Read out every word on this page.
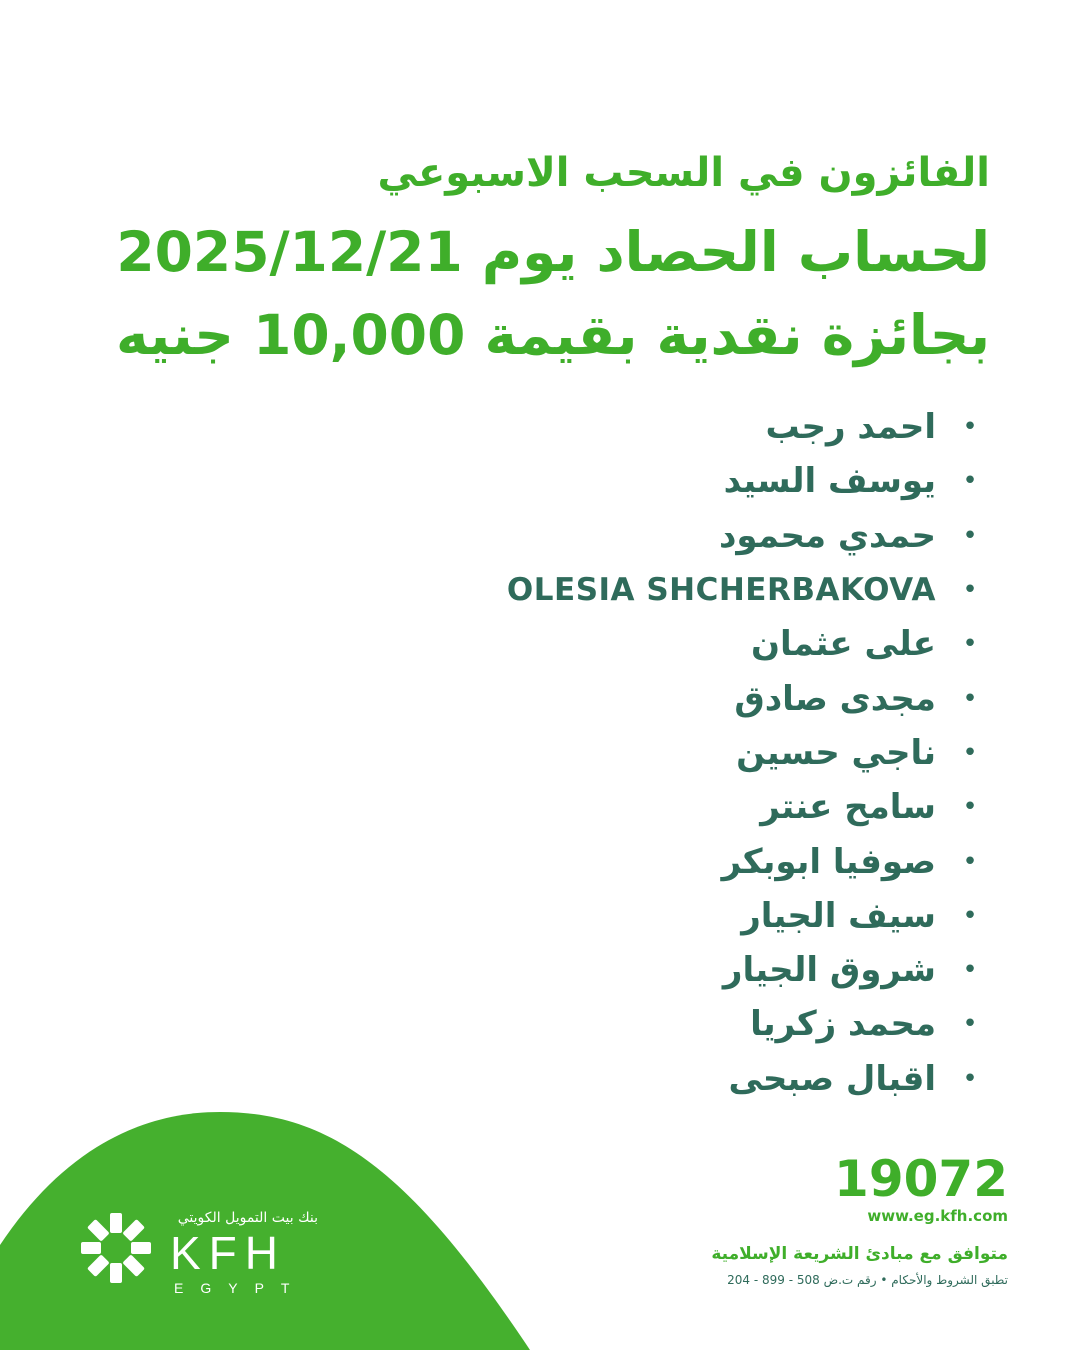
الفائزون في السحب الاسبوعي
لحساب الحصاد يوم 2025/12/21
بجائزة نقدية بقيمة 10,000 جنيه
•
احمد رجب
•
يوسف السيد
•
حمدي محمود
•
OLESIA SHCHERBAKOVA
•
على عثمان
•
مجدى صادق
•
ناجي حسين
•
سامح عنتر
•
صوفيا ابوبكر
•
سيف الجيار
•
شروق الجيار
•
محمد زكريا
•
اقبال صبحى
19072
www.eg.kfh.com
متوافق مع مبادئ الشريعة الإسلامية
تطبق الشروط والأحكام • رقم ت.ض 508 - 899 - 204
بنك بيت التمويل الكويتي
KFH
EGYPT
